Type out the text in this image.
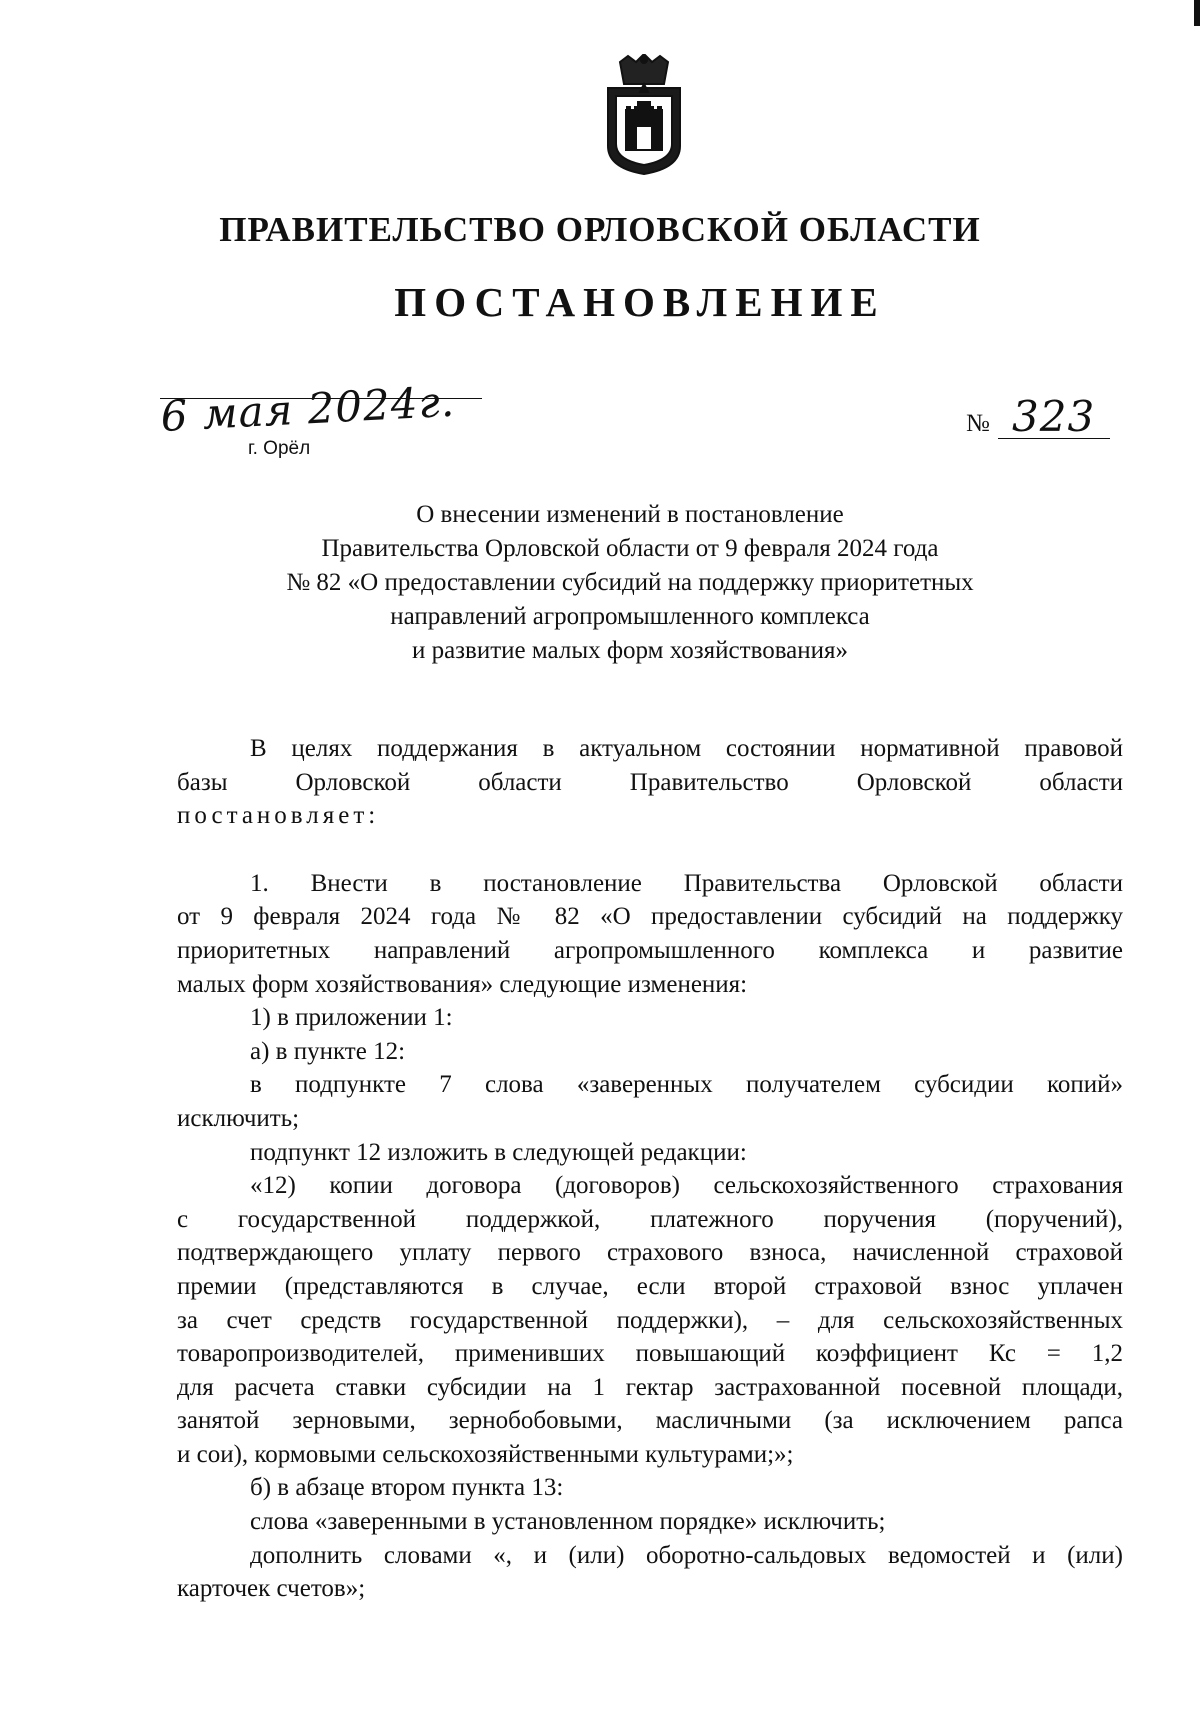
ПРАВИТЕЛЬСТВО ОРЛОВСКОЙ ОБЛАСТИ
ПОСТАНОВЛЕНИЕ
6 мая 2024г.
г. Орёл
№ 323
О внесении изменений в постановление
Правительства Орловской области от 9 февраля 2024 года
№ 82 «О предоставлении субсидий на поддержку приоритетных
направлений агропромышленного комплекса
и развитие малых форм хозяйствования»
В целях поддержания в актуальном состоянии нормативной правовой
базы Орловской области Правительство Орловской области
постановляет:
1. Внести в постановление Правительства Орловской области
от 9 февраля 2024 года № 82 «О предоставлении субсидий на поддержку
приоритетных направлений агропромышленного комплекса и развитие
малых форм хозяйствования» следующие изменения:
1) в приложении 1:
а) в пункте 12:
в подпункте 7 слова «заверенных получателем субсидии копий»
исключить;
подпункт 12 изложить в следующей редакции:
«12) копии договора (договоров) сельскохозяйственного страхования
с государственной поддержкой, платежного поручения (поручений),
подтверждающего уплату первого страхового взноса, начисленной страховой
премии (представляются в случае, если второй страховой взнос уплачен
за счет средств государственной поддержки), – для сельскохозяйственных
товаропроизводителей, применивших повышающий коэффициент Кс = 1,2
для расчета ставки субсидии на 1 гектар застрахованной посевной площади,
занятой зерновыми, зернобобовыми, масличными (за исключением рапса
и сои), кормовыми сельскохозяйственными культурами;»;
б) в абзаце втором пункта 13:
слова «заверенными в установленном порядке» исключить;
дополнить словами «, и (или) оборотно-сальдовых ведомостей и (или)
карточек счетов»;
